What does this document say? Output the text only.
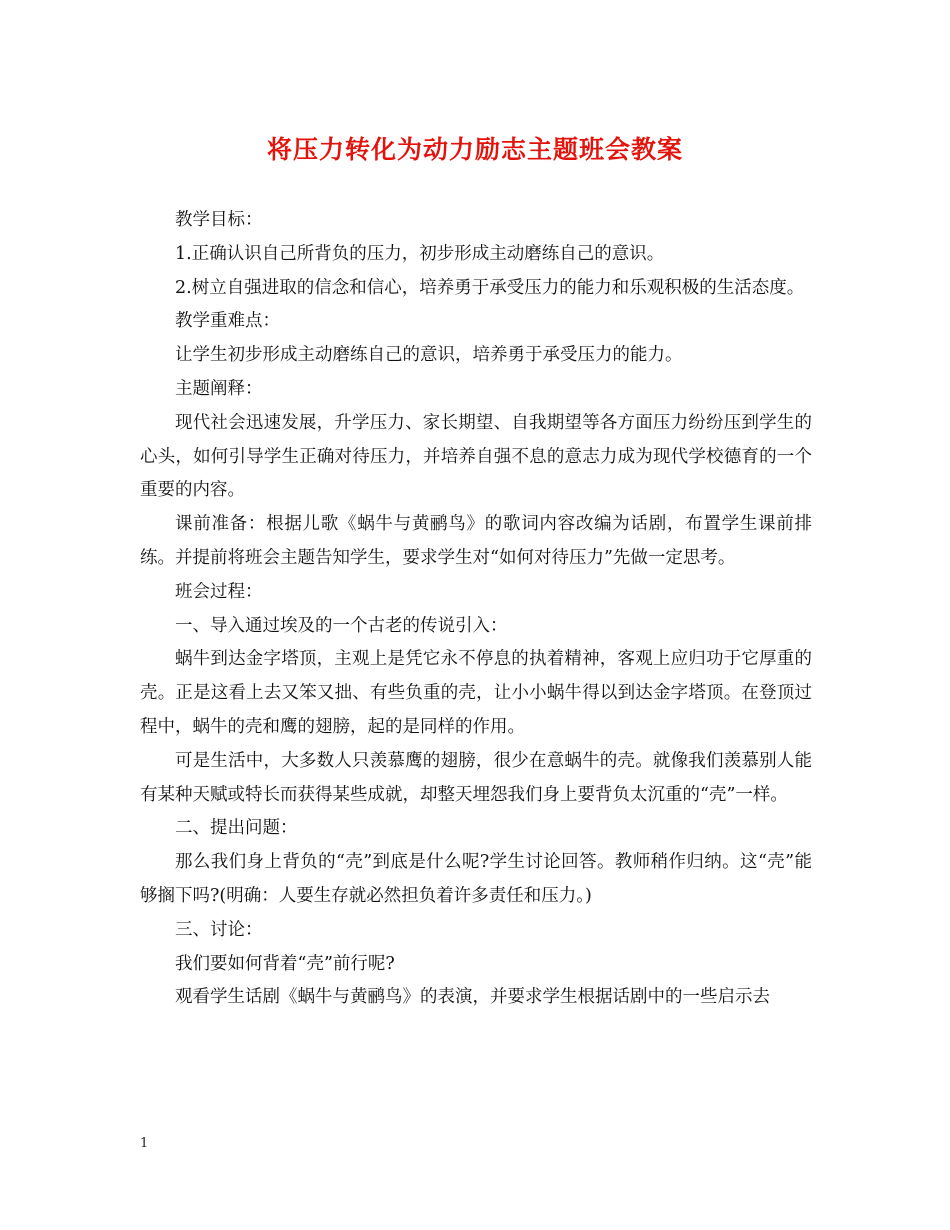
将压力转化为动力励志主题班会教案

教学目标：

1.正确认识自己所背负的压力，初步形成主动磨练自己的意识。

2.树立自强进取的信念和信心，培养勇于承受压力的能力和乐观积极的生活态度。

教学重难点：

让学生初步形成主动磨练自己的意识，培养勇于承受压力的能力。

主题阐释：

现代社会迅速发展，升学压力、家长期望、自我期望等各方面压力纷纷压到学生的心头，如何引导学生正确对待压力，并培养自强不息的意志力成为现代学校德育的一个重要的内容。

课前准备：根据儿歌《蜗牛与黄鹂鸟》的歌词内容改编为话剧，布置学生课前排练。并提前将班会主题告知学生，要求学生对“如何对待压力”先做一定思考。

班会过程：

一、导入通过埃及的一个古老的传说引入：

蜗牛到达金字塔顶，主观上是凭它永不停息的执着精神，客观上应归功于它厚重的壳。正是这看上去又笨又拙、有些负重的壳，让小小蜗牛得以到达金字塔顶。在登顶过程中，蜗牛的壳和鹰的翅膀，起的是同样的作用。

可是生活中，大多数人只羡慕鹰的翅膀，很少在意蜗牛的壳。就像我们羡慕别人能有某种天赋或特长而获得某些成就，却整天埋怨我们身上要背负太沉重的“壳”一样。

二、提出问题：

那么我们身上背负的“壳”到底是什么呢?学生讨论回答。教师稍作归纳。这“壳”能够搁下吗?(明确：人要生存就必然担负着许多责任和压力。)

三、讨论：

我们要如何背着“壳”前行呢?

观看学生话剧《蜗牛与黄鹂鸟》的表演，并要求学生根据话剧中的一些启示去

1
